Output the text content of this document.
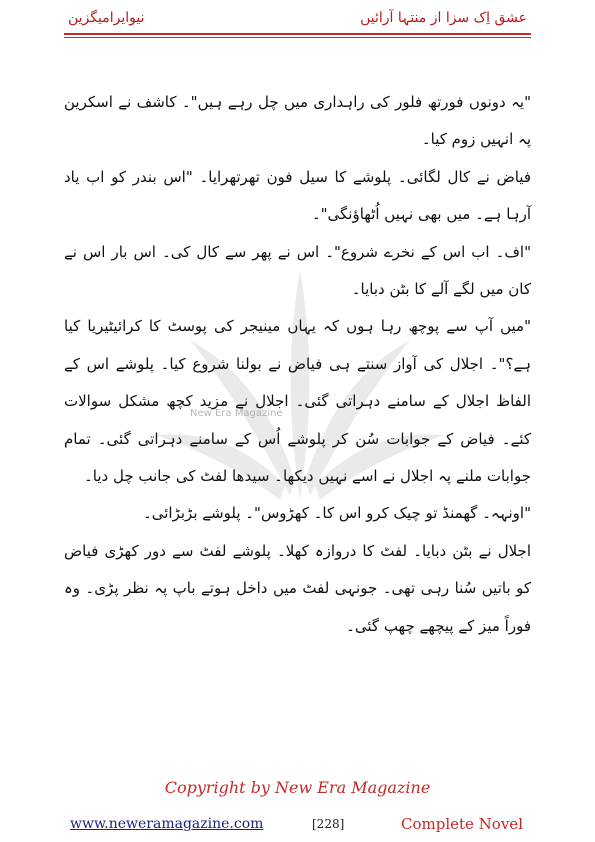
عشق اِک سزا از منتہا آرائیں
نیوایرامیگزین
New Era Magazine

"یہ دونوں فورتھ فلور کی راہداری میں چل رہے ہیں"۔ کاشف نے اسکرین پہ انہیں زوم کیا۔

فیاض نے کال لگائی۔ پلوشے کا سیل فون تھرتھرایا۔ "اس بندر کو اب یاد آرہا ہے۔ میں بھی نہیں اُٹھاؤنگی"۔

"اف۔ اب اس کے نخرے شروع"۔ اس نے پھر سے کال کی۔ اس بار اس نے کان میں لگے آلے کا بٹن دبایا۔

"میں آپ سے پوچھ رہا ہوں کہ یہاں مینیجر کی پوسٹ کا کرائیٹیریا کیا ہے؟"۔ اجلال کی آواز سنتے ہی فیاض نے بولنا شروع کیا۔ پلوشے اس کے الفاظ اجلال کے سامنے دہراتی گئی۔ اجلال نے مزید کچھ مشکل سوالات کئے۔ فیاض کے جوابات سُن کر پلوشے اُس کے سامنے دہراتی گئی۔ تمام جوابات ملنے پہ اجلال نے اسے نہیں دیکھا۔ سیدھا لفٹ کی جانب چل دیا۔

"اونہہ۔ گھمنڈ تو چیک کرو اس کا۔ کھڑوس"۔ پلوشے بڑبڑائی۔

اجلال نے بٹن دبایا۔ لفٹ کا دروازہ کھلا۔ پلوشے لفٹ سے دور کھڑی فیاض کو باتیں سُنا رہی تھی۔ جونہی لفٹ میں داخل ہوتے باپ پہ نظر پڑی۔ وہ فوراً میز کے پیچھے چھپ گئی۔

Copyright by New Era Magazine
www.neweramagazine.com	[228]	Complete Novel
